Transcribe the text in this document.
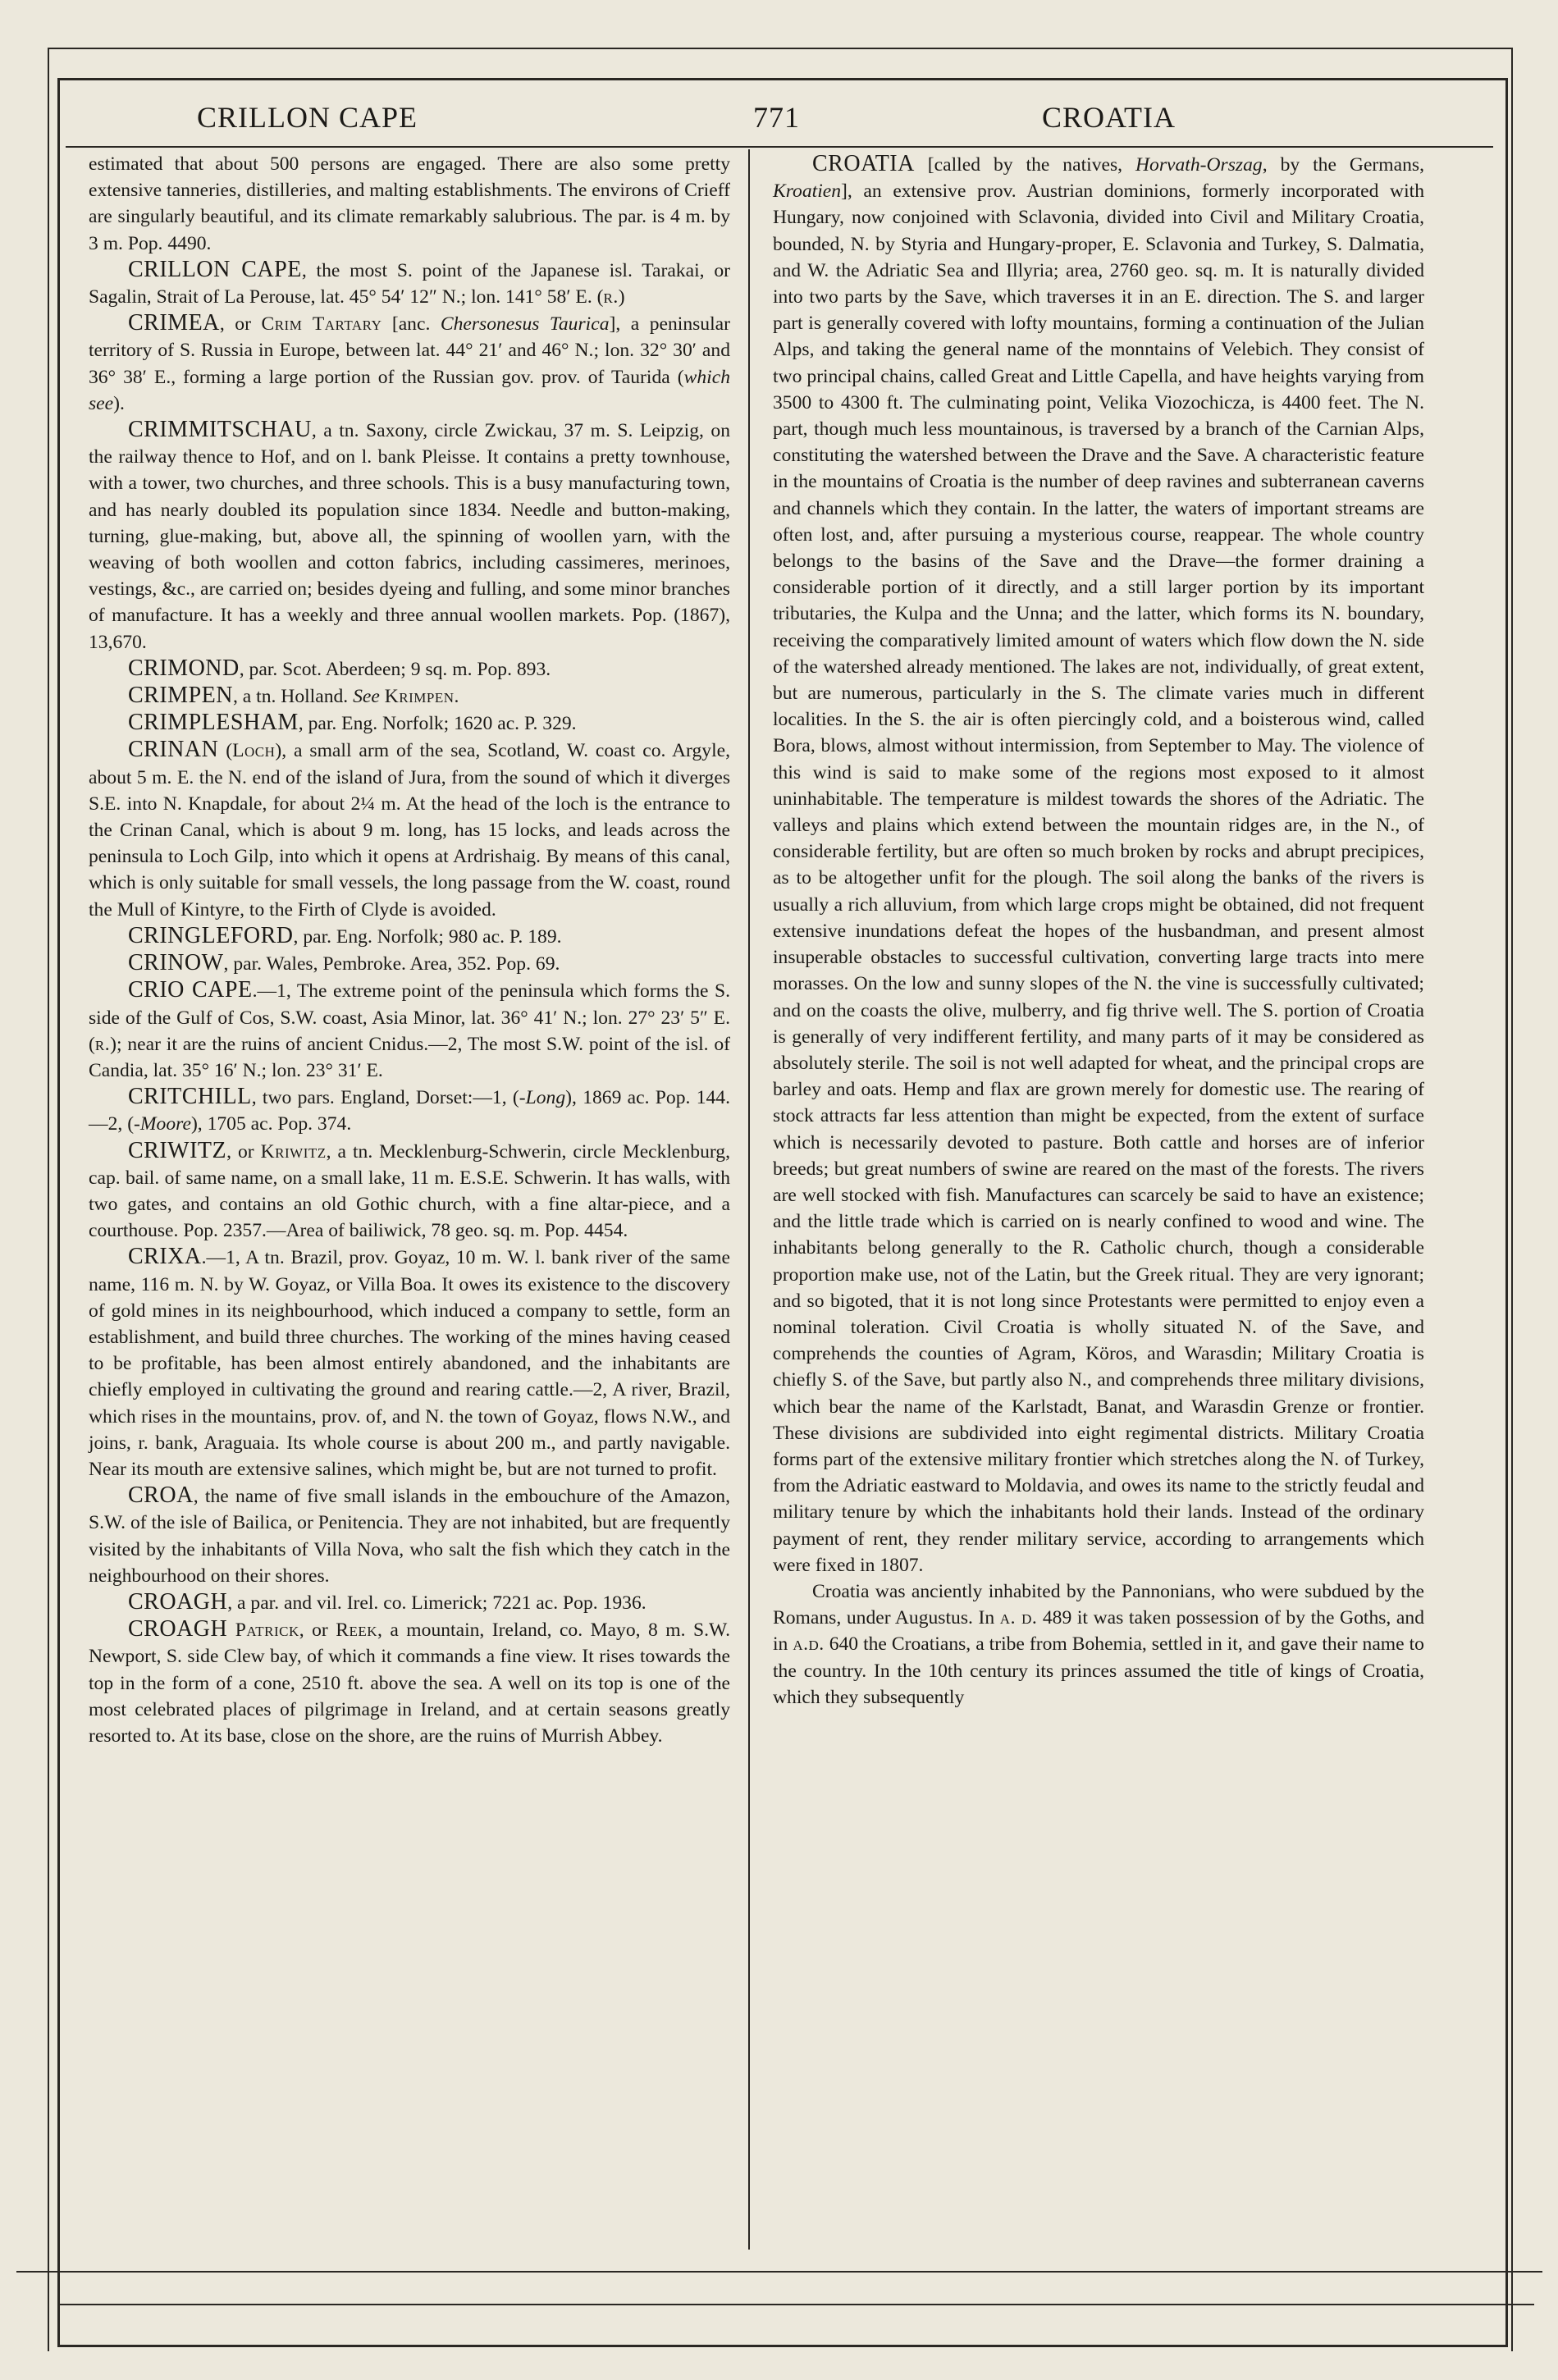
CRILLON CAPE	771	CROATIA

estimated that about 500 persons are engaged. There are also some pretty extensive tanneries, distilleries, and malting establishments. The environs of Crieff are singularly beautiful, and its climate remarkably salubrious. The par. is 4 m. by 3 m. Pop. 4490.

CRILLON CAPE, the most S. point of the Japanese isl. Tarakai, or Sagalin, Strait of La Perouse, lat. 45° 54′ 12″ N.; lon. 141° 58′ E. (r.)

CRIMEA, or Crim Tartary [anc. Chersonesus Taurica], a peninsular territory of S. Russia in Europe, between lat. 44° 21′ and 46° N.; lon. 32° 30′ and 36° 38′ E., forming a large portion of the Russian gov. prov. of Taurida (which see).

CRIMMITSCHAU, a tn. Saxony, circle Zwickau, 37 m. S. Leipzig, on the railway thence to Hof, and on l. bank Pleisse. It contains a pretty townhouse, with a tower, two churches, and three schools. This is a busy manufacturing town, and has nearly doubled its population since 1834. Needle and button-making, turning, glue-making, but, above all, the spinning of woollen yarn, with the weaving of both woollen and cotton fabrics, including cassimeres, merinoes, vestings, &c., are carried on; besides dyeing and fulling, and some minor branches of manufacture. It has a weekly and three annual woollen markets. Pop. (1867), 13,670.

CRIMOND, par. Scot. Aberdeen; 9 sq. m. Pop. 893.

CRIMPEN, a tn. Holland. See Krimpen.

CRIMPLESHAM, par. Eng. Norfolk; 1620 ac. P. 329.

CRINAN (Loch), a small arm of the sea, Scotland, W. coast co. Argyle, about 5 m. E. the N. end of the island of Jura, from the sound of which it diverges S.E. into N. Knapdale, for about 2¼ m. At the head of the loch is the entrance to the Crinan Canal, which is about 9 m. long, has 15 locks, and leads across the peninsula to Loch Gilp, into which it opens at Ardrishaig. By means of this canal, which is only suitable for small vessels, the long passage from the W. coast, round the Mull of Kintyre, to the Firth of Clyde is avoided.

CRINGLEFORD, par. Eng. Norfolk; 980 ac. P. 189.

CRINOW, par. Wales, Pembroke. Area, 352. Pop. 69.

CRIO CAPE.—1, The extreme point of the peninsula which forms the S. side of the Gulf of Cos, S.W. coast, Asia Minor, lat. 36° 41′ N.; lon. 27° 23′ 5″ E. (r.); near it are the ruins of ancient Cnidus.—2, The most S.W. point of the isl. of Candia, lat. 35° 16′ N.; lon. 23° 31′ E.

CRITCHILL, two pars. England, Dorset:—1, (-Long), 1869 ac. Pop. 144.—2, (-Moore), 1705 ac. Pop. 374.

CRIWITZ, or Kriwitz, a tn. Mecklenburg-Schwerin, circle Mecklenburg, cap. bail. of same name, on a small lake, 11 m. E.S.E. Schwerin. It has walls, with two gates, and contains an old Gothic church, with a fine altar-piece, and a courthouse. Pop. 2357.—Area of bailiwick, 78 geo. sq. m. Pop. 4454.

CRIXA.—1, A tn. Brazil, prov. Goyaz, 10 m. W. l. bank river of the same name, 116 m. N. by W. Goyaz, or Villa Boa. It owes its existence to the discovery of gold mines in its neighbourhood, which induced a company to settle, form an establishment, and build three churches. The working of the mines having ceased to be profitable, has been almost entirely abandoned, and the inhabitants are chiefly employed in cultivating the ground and rearing cattle.—2, A river, Brazil, which rises in the mountains, prov. of, and N. the town of Goyaz, flows N.W., and joins, r. bank, Araguaia. Its whole course is about 200 m., and partly navigable. Near its mouth are extensive salines, which might be, but are not turned to profit.

CROA, the name of five small islands in the embouchure of the Amazon, S.W. of the isle of Bailica, or Penitencia. They are not inhabited, but are frequently visited by the inhabitants of Villa Nova, who salt the fish which they catch in the neighbourhood on their shores.

CROAGH, a par. and vil. Irel. co. Limerick; 7221 ac. Pop. 1936.

CROAGH Patrick, or Reek, a mountain, Ireland, co. Mayo, 8 m. S.W. Newport, S. side Clew bay, of which it commands a fine view. It rises towards the top in the form of a cone, 2510 ft. above the sea. A well on its top is one of the most celebrated places of pilgrimage in Ireland, and at certain seasons greatly resorted to. At its base, close on the shore, are the ruins of Murrish Abbey.

CROATIA [called by the natives, Horvath-Orszag, by the Germans, Kroatien], an extensive prov. Austrian dominions, formerly incorporated with Hungary, now conjoined with Sclavonia, divided into Civil and Military Croatia, bounded, N. by Styria and Hungary-proper, E. Sclavonia and Turkey, S. Dalmatia, and W. the Adriatic Sea and Illyria; area, 2760 geo. sq. m. It is naturally divided into two parts by the Save, which traverses it in an E. direction. The S. and larger part is generally covered with lofty mountains, forming a continuation of the Julian Alps, and taking the general name of the monntains of Velebich. They consist of two principal chains, called Great and Little Capella, and have heights varying from 3500 to 4300 ft. The culminating point, Velika Viozochicza, is 4400 feet. The N. part, though much less mountainous, is traversed by a branch of the Carnian Alps, constituting the watershed between the Drave and the Save. A characteristic feature in the mountains of Croatia is the number of deep ravines and subterranean caverns and channels which they contain. In the latter, the waters of important streams are often lost, and, after pursuing a mysterious course, reappear. The whole country belongs to the basins of the Save and the Drave—the former draining a considerable portion of it directly, and a still larger portion by its important tributaries, the Kulpa and the Unna; and the latter, which forms its N. boundary, receiving the comparatively limited amount of waters which flow down the N. side of the watershed already mentioned. The lakes are not, individually, of great extent, but are numerous, particularly in the S. The climate varies much in different localities. In the S. the air is often piercingly cold, and a boisterous wind, called Bora, blows, almost without intermission, from September to May. The violence of this wind is said to make some of the regions most exposed to it almost uninhabitable. The temperature is mildest towards the shores of the Adriatic. The valleys and plains which extend between the mountain ridges are, in the N., of considerable fertility, but are often so much broken by rocks and abrupt precipices, as to be altogether unfit for the plough. The soil along the banks of the rivers is usually a rich alluvium, from which large crops might be obtained, did not frequent extensive inundations defeat the hopes of the husbandman, and present almost insuperable obstacles to successful cultivation, converting large tracts into mere morasses. On the low and sunny slopes of the N. the vine is successfully cultivated; and on the coasts the olive, mulberry, and fig thrive well. The S. portion of Croatia is generally of very indifferent fertility, and many parts of it may be considered as absolutely sterile. The soil is not well adapted for wheat, and the principal crops are barley and oats. Hemp and flax are grown merely for domestic use. The rearing of stock attracts far less attention than might be expected, from the extent of surface which is necessarily devoted to pasture. Both cattle and horses are of inferior breeds; but great numbers of swine are reared on the mast of the forests. The rivers are well stocked with fish. Manufactures can scarcely be said to have an existence; and the little trade which is carried on is nearly confined to wood and wine. The inhabitants belong generally to the R. Catholic church, though a considerable proportion make use, not of the Latin, but the Greek ritual. They are very ignorant; and so bigoted, that it is not long since Protestants were permitted to enjoy even a nominal toleration. Civil Croatia is wholly situated N. of the Save, and comprehends the counties of Agram, Köros, and Warasdin; Military Croatia is chiefly S. of the Save, but partly also N., and comprehends three military divisions, which bear the name of the Karlstadt, Banat, and Warasdin Grenze or frontier. These divisions are subdivided into eight regimental districts. Military Croatia forms part of the extensive military frontier which stretches along the N. of Turkey, from the Adriatic eastward to Moldavia, and owes its name to the strictly feudal and military tenure by which the inhabitants hold their lands. Instead of the ordinary payment of rent, they render military service, according to arrangements which were fixed in 1807.

Croatia was anciently inhabited by the Pannonians, who were subdued by the Romans, under Augustus. In a. d. 489 it was taken possession of by the Goths, and in a.d. 640 the Croatians, a tribe from Bohemia, settled in it, and gave their name to the country. In the 10th century its princes assumed the title of kings of Croatia, which they subsequently
